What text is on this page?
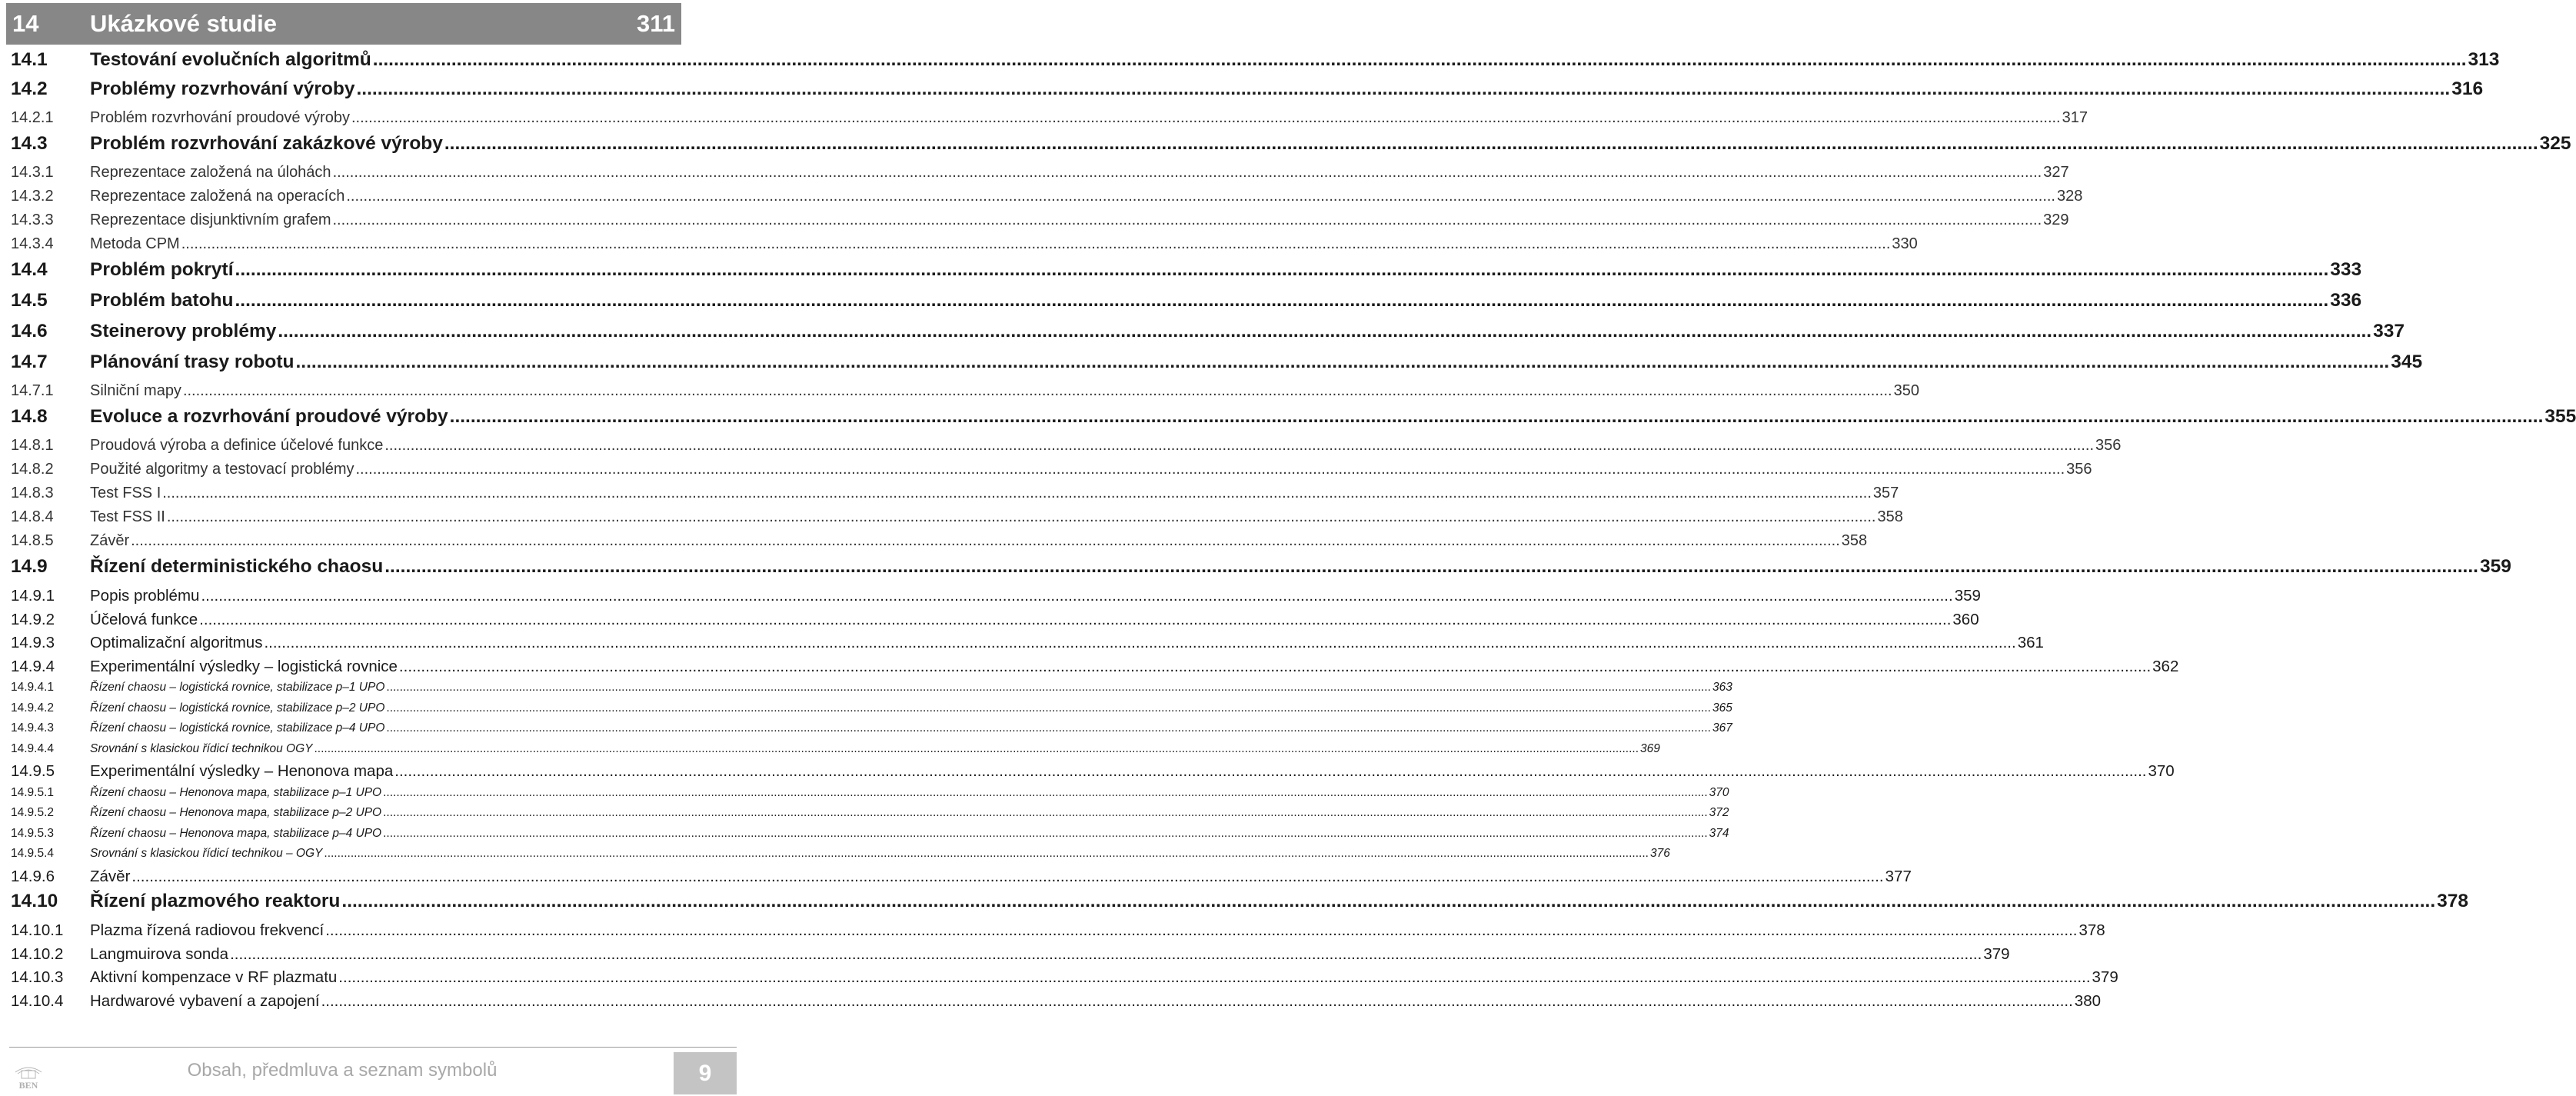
14 Ukázkové studie	311
14.1	Testování evolučních algoritmů ................................................................................................................................................................................................................................................................................................................................................................................................................ 313
14.2	Problémy rozvrhování výroby ................................................................................................................................................................................................................................................................................................................................................................................................................ 316
14.2.1	Problém rozvrhování proudové výroby ................................................................................................................................................................................................................................................................................................................................................................................................................ 317
14.3	Problém rozvrhování zakázkové výroby ................................................................................................................................................................................................................................................................................................................................................................................................................ 325
14.3.1	Reprezentace založená na úlohách ................................................................................................................................................................................................................................................................................................................................................................................................................ 327
14.3.2	Reprezentace založená na operacích ................................................................................................................................................................................................................................................................................................................................................................................................................ 328
14.3.3	Reprezentace disjunktivním grafem ................................................................................................................................................................................................................................................................................................................................................................................................................ 329
14.3.4	Metoda CPM ................................................................................................................................................................................................................................................................................................................................................................................................................ 330
14.4	Problém pokrytí ................................................................................................................................................................................................................................................................................................................................................................................................................ 333
14.5	Problém batohu ................................................................................................................................................................................................................................................................................................................................................................................................................ 336
14.6	Steinerovy problémy ................................................................................................................................................................................................................................................................................................................................................................................................................ 337
14.7	Plánování trasy robotu ................................................................................................................................................................................................................................................................................................................................................................................................................ 345
14.7.1	Silniční mapy ................................................................................................................................................................................................................................................................................................................................................................................................................ 350
14.8	Evoluce a rozvrhování proudové výroby ................................................................................................................................................................................................................................................................................................................................................................................................................ 355
14.8.1	Proudová výroba a definice účelové funkce ................................................................................................................................................................................................................................................................................................................................................................................................................ 356
14.8.2	Použité algoritmy a testovací problémy ................................................................................................................................................................................................................................................................................................................................................................................................................ 356
14.8.3	Test FSS I ................................................................................................................................................................................................................................................................................................................................................................................................................ 357
14.8.4	Test FSS II ................................................................................................................................................................................................................................................................................................................................................................................................................ 358
14.8.5	Závěr ................................................................................................................................................................................................................................................................................................................................................................................................................ 358
14.9	Řízení deterministického chaosu ................................................................................................................................................................................................................................................................................................................................................................................................................ 359
14.9.1	Popis problému ................................................................................................................................................................................................................................................................................................................................................................................................................ 359
14.9.2	Účelová funkce ................................................................................................................................................................................................................................................................................................................................................................................................................ 360
14.9.3	Optimalizační algoritmus ................................................................................................................................................................................................................................................................................................................................................................................................................ 361
14.9.4	Experimentální výsledky – logistická rovnice ................................................................................................................................................................................................................................................................................................................................................................................................................ 362
14.9.4.1	Řízení chaosu – logistická rovnice, stabilizace p–1 UPO ................................................................................................................................................................................................................................................................................................................................................................................................................ 363
14.9.4.2	Řízení chaosu – logistická rovnice, stabilizace p–2 UPO ................................................................................................................................................................................................................................................................................................................................................................................................................ 365
14.9.4.3	Řízení chaosu – logistická rovnice, stabilizace p–4 UPO ................................................................................................................................................................................................................................................................................................................................................................................................................ 367
14.9.4.4	Srovnání s klasickou řídicí technikou OGY ................................................................................................................................................................................................................................................................................................................................................................................................................ 369
14.9.5	Experimentální výsledky – Henonova mapa ................................................................................................................................................................................................................................................................................................................................................................................................................ 370
14.9.5.1	Řízení chaosu – Henonova mapa, stabilizace p–1 UPO ................................................................................................................................................................................................................................................................................................................................................................................................................ 370
14.9.5.2	Řízení chaosu – Henonova mapa, stabilizace p–2 UPO ................................................................................................................................................................................................................................................................................................................................................................................................................ 372
14.9.5.3	Řízení chaosu – Henonova mapa, stabilizace p–4 UPO ................................................................................................................................................................................................................................................................................................................................................................................................................ 374
14.9.5.4	Srovnání s klasickou řídicí technikou – OGY ................................................................................................................................................................................................................................................................................................................................................................................................................ 376
14.9.6	Závěr ................................................................................................................................................................................................................................................................................................................................................................................................................ 377
14.10	Řízení plazmového reaktoru ................................................................................................................................................................................................................................................................................................................................................................................................................ 378
14.10.1	Plazma řízená radiovou frekvencí ................................................................................................................................................................................................................................................................................................................................................................................................................ 378
14.10.2	Langmuirova sonda ................................................................................................................................................................................................................................................................................................................................................................................................................ 379
14.10.3	Aktivní kompenzace v RF plazmatu ................................................................................................................................................................................................................................................................................................................................................................................................................ 379
14.10.4	Hardwarové vybavení a zapojení ................................................................................................................................................................................................................................................................................................................................................................................................................ 380
BEN
Obsah, předmluva a seznam symbolů	9
